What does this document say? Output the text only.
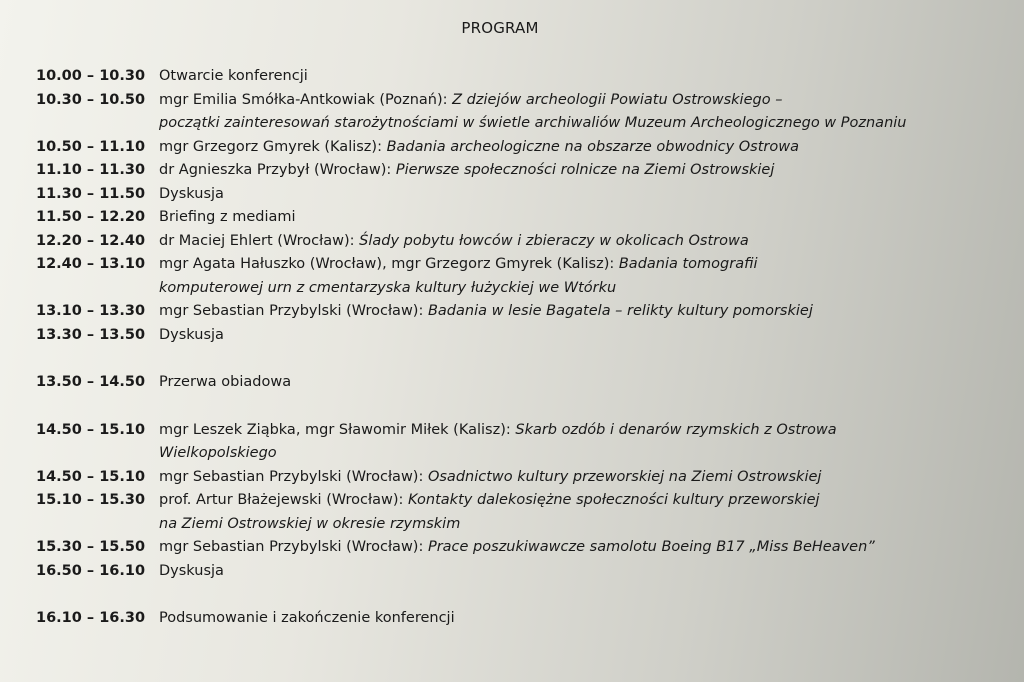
PROGRAM
10.00 – 10.30 Otwarcie konferencji
10.30 – 10.50 mgr Emilia Smółka-Antkowiak (Poznań): Z dziejów archeologii Powiatu Ostrowskiego –
początki zainteresowań starożytnościami w świetle archiwaliów Muzeum Archeologicznego w Poznaniu
10.50 – 11.10 mgr Grzegorz Gmyrek (Kalisz): Badania archeologiczne na obszarze obwodnicy Ostrowa
11.10 – 11.30 dr Agnieszka Przybył (Wrocław): Pierwsze społeczności rolnicze na Ziemi Ostrowskiej
11.30 – 11.50 Dyskusja
11.50 – 12.20 Briefing z mediami
12.20 – 12.40 dr Maciej Ehlert (Wrocław): Ślady pobytu łowców i zbieraczy w okolicach Ostrowa
12.40 – 13.10 mgr Agata Hałuszko (Wrocław), mgr Grzegorz Gmyrek (Kalisz): Badania tomografii
komputerowej urn z cmentarzyska kultury łużyckiej we Wtórku
13.10 – 13.30 mgr Sebastian Przybylski (Wrocław): Badania w lesie Bagatela – relikty kultury pomorskiej
13.30 – 13.50 Dyskusja
13.50 – 14.50 Przerwa obiadowa
14.50 – 15.10 mgr Leszek Ziąbka, mgr Sławomir Miłek (Kalisz): Skarb ozdób i denarów rzymskich z Ostrowa
Wielkopolskiego
14.50 – 15.10 mgr Sebastian Przybylski (Wrocław): Osadnictwo kultury przeworskiej na Ziemi Ostrowskiej
15.10 – 15.30 prof. Artur Błażejewski (Wrocław): Kontakty dalekosiężne społeczności kultury przeworskiej
na Ziemi Ostrowskiej w okresie rzymskim
15.30 – 15.50 mgr Sebastian Przybylski (Wrocław): Prace poszukiwawcze samolotu Boeing B17 „Miss BeHeaven”
16.50 – 16.10 Dyskusja
16.10 – 16.30 Podsumowanie i zakończenie konferencji
